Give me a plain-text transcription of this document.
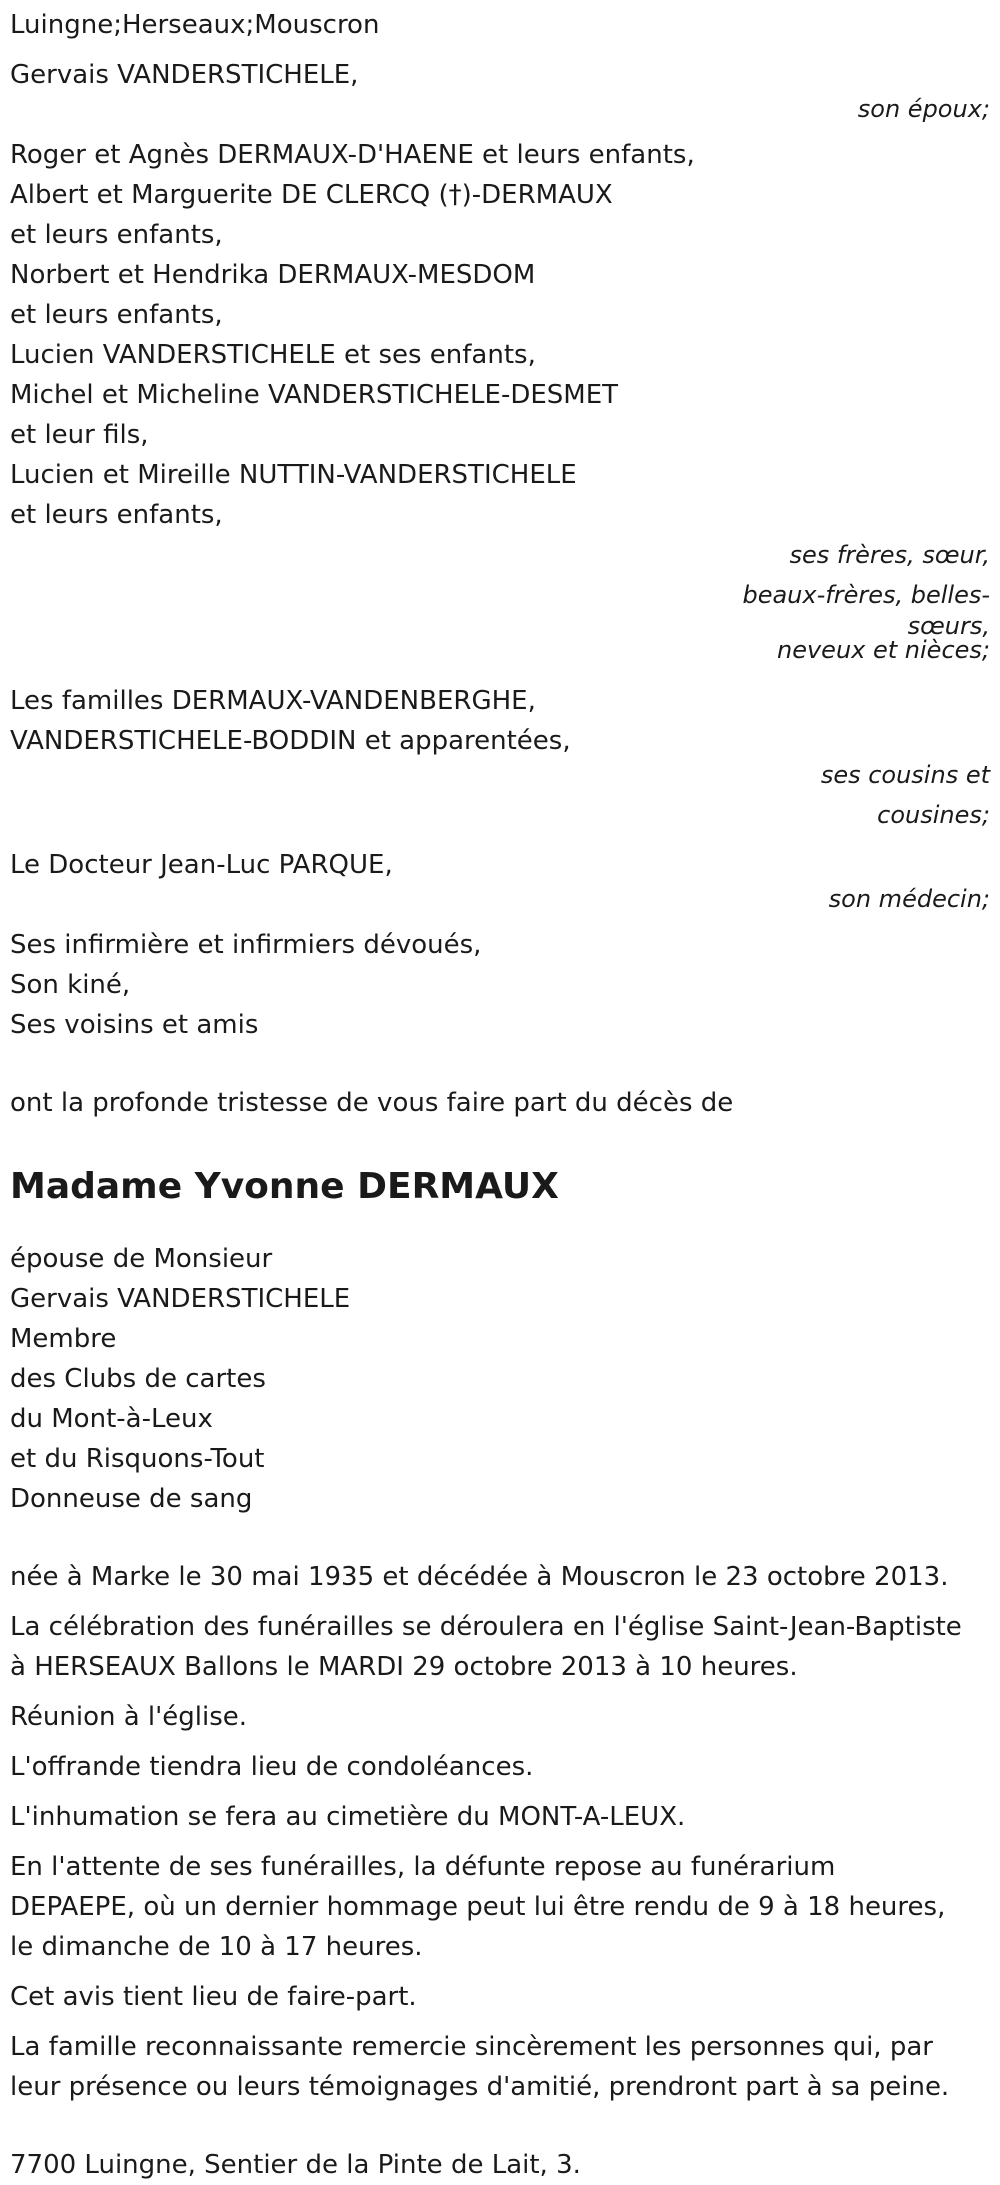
Luingne;Herseaux;Mouscron
Gervais VANDERSTICHELE,
son époux;
Roger et Agnès DERMAUX-D'HAENE et leurs enfants,
Albert et Marguerite DE CLERCQ (†)-DERMAUX
et leurs enfants,
Norbert et Hendrika DERMAUX-MESDOM
et leurs enfants,
Lucien VANDERSTICHELE et ses enfants,
Michel et Micheline VANDERSTICHELE-DESMET
et leur fils,
Lucien et Mireille NUTTIN-VANDERSTICHELE
et leurs enfants,
ses frères, sœur,
beaux-frères, belles-
sœurs,
neveux et nièces;
Les familles DERMAUX-VANDENBERGHE,
VANDERSTICHELE-BODDIN et apparentées,
ses cousins et
cousines;
Le Docteur Jean-Luc PARQUE,
son médecin;
Ses infirmière et infirmiers dévoués,
Son kiné,
Ses voisins et amis
ont la profonde tristesse de vous faire part du décès de
Madame Yvonne DERMAUX
épouse de Monsieur
Gervais VANDERSTICHELE
Membre
des Clubs de cartes
du Mont-à-Leux
et du Risquons-Tout
Donneuse de sang
née à Marke le 30 mai 1935 et décédée à Mouscron le 23 octobre 2013.
La célébration des funérailles se déroulera en l'église Saint-Jean-Baptiste
à HERSEAUX Ballons le MARDI 29 octobre 2013 à 10 heures.
Réunion à l'église.
L'offrande tiendra lieu de condoléances.
L'inhumation se fera au cimetière du MONT-A-LEUX.
En l'attente de ses funérailles, la défunte repose au funérarium
DEPAEPE, où un dernier hommage peut lui être rendu de 9 à 18 heures,
le dimanche de 10 à 17 heures.
Cet avis tient lieu de faire-part.
La famille reconnaissante remercie sincèrement les personnes qui, par
leur présence ou leurs témoignages d'amitié, prendront part à sa peine.
7700 Luingne, Sentier de la Pinte de Lait, 3.
